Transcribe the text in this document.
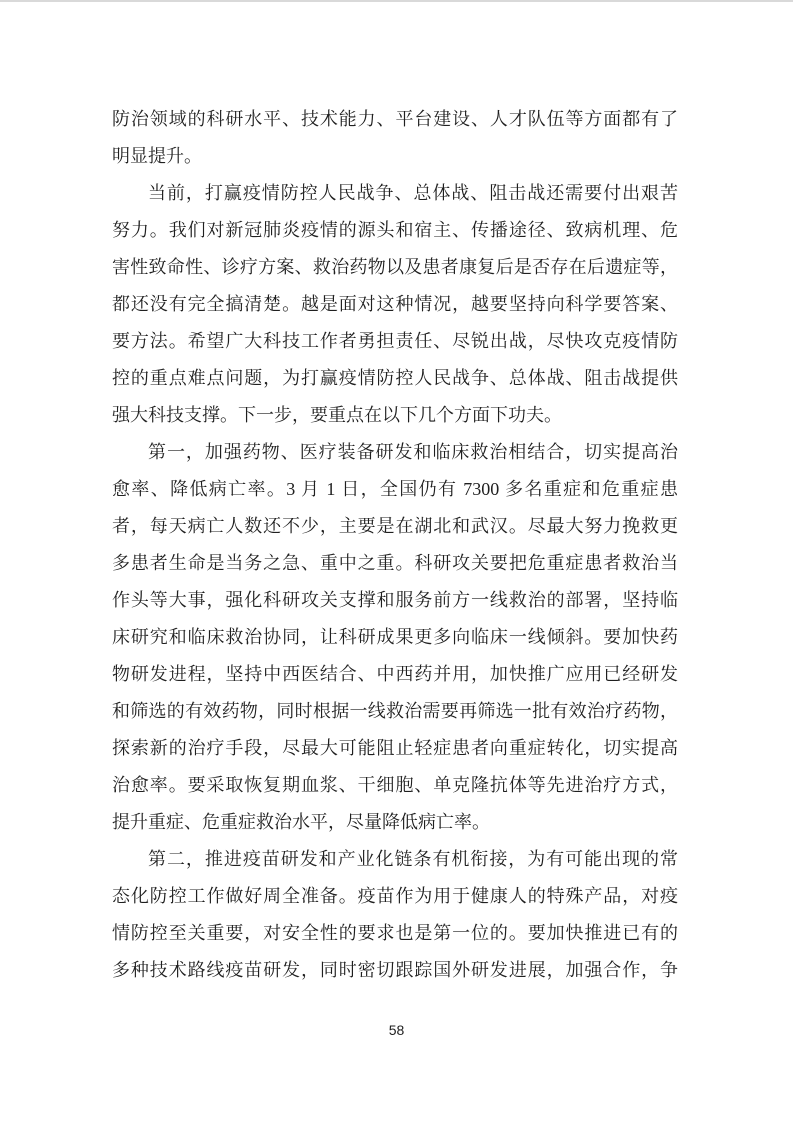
防治领域的科研水平、技术能力、平台建设、人才队伍等方面都有了
明显提升。
当前，打赢疫情防控人民战争、总体战、阻击战还需要付出艰苦
努力。我们对新冠肺炎疫情的源头和宿主、传播途径、致病机理、危
害性致命性、诊疗方案、救治药物以及患者康复后是否存在后遗症等，
都还没有完全搞清楚。越是面对这种情况，越要坚持向科学要答案、
要方法。希望广大科技工作者勇担责任、尽锐出战，尽快攻克疫情防
控的重点难点问题，为打赢疫情防控人民战争、总体战、阻击战提供
强大科技支撑。下一步，要重点在以下几个方面下功夫。
第一，加强药物、医疗装备研发和临床救治相结合，切实提高治
愈率、降低病亡率。3 月 1 日，全国仍有 7300 多名重症和危重症患
者，每天病亡人数还不少，主要是在湖北和武汉。尽最大努力挽救更
多患者生命是当务之急、重中之重。科研攻关要把危重症患者救治当
作头等大事，强化科研攻关支撑和服务前方一线救治的部署，坚持临
床研究和临床救治协同，让科研成果更多向临床一线倾斜。要加快药
物研发进程，坚持中西医结合、中西药并用，加快推广应用已经研发
和筛选的有效药物，同时根据一线救治需要再筛选一批有效治疗药物，
探索新的治疗手段，尽最大可能阻止轻症患者向重症转化，切实提高
治愈率。要采取恢复期血浆、干细胞、单克隆抗体等先进治疗方式，
提升重症、危重症救治水平，尽量降低病亡率。
第二，推进疫苗研发和产业化链条有机衔接，为有可能出现的常
态化防控工作做好周全准备。疫苗作为用于健康人的特殊产品，对疫
情防控至关重要，对安全性的要求也是第一位的。要加快推进已有的
多种技术路线疫苗研发，同时密切跟踪国外研发进展，加强合作，争
58
